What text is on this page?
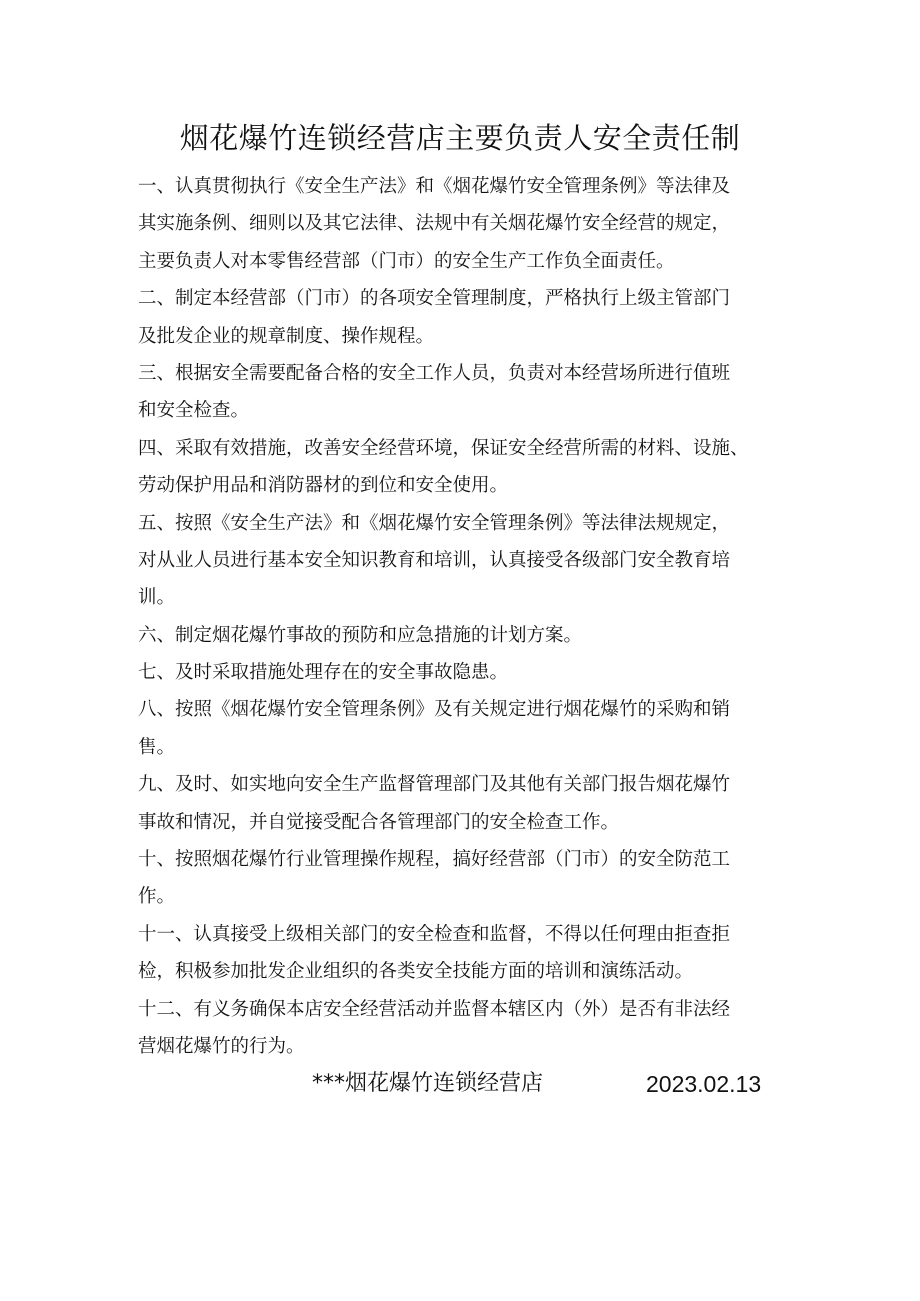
烟花爆竹连锁经营店主要负责人安全责任制
一、认真贯彻执行《安全生产法》和《烟花爆竹安全管理条例》等法律及
其实施条例、细则以及其它法律、法规中有关烟花爆竹安全经营的规定，
主要负责人对本零售经营部（门市）的安全生产工作负全面责任。
二、制定本经营部（门市）的各项安全管理制度，严格执行上级主管部门
及批发企业的规章制度、操作规程。
三、根据安全需要配备合格的安全工作人员，负责对本经营场所进行值班
和安全检查。
四、采取有效措施，改善安全经营环境，保证安全经营所需的材料、设施、
劳动保护用品和消防器材的到位和安全使用。
五、按照《安全生产法》和《烟花爆竹安全管理条例》等法律法规规定，
对从业人员进行基本安全知识教育和培训，认真接受各级部门安全教育培
训。
六、制定烟花爆竹事故的预防和应急措施的计划方案。
七、及时采取措施处理存在的安全事故隐患。
八、按照《烟花爆竹安全管理条例》及有关规定进行烟花爆竹的采购和销
售。
九、及时、如实地向安全生产监督管理部门及其他有关部门报告烟花爆竹
事故和情况，并自觉接受配合各管理部门的安全检查工作。
十、按照烟花爆竹行业管理操作规程，搞好经营部（门市）的安全防范工
作。
十一、认真接受上级相关部门的安全检查和监督，不得以任何理由拒查拒
检，积极参加批发企业组织的各类安全技能方面的培训和演练活动。
十二、有义务确保本店安全经营活动并监督本辖区内（外）是否有非法经
营烟花爆竹的行为。
***烟花爆竹连锁经营店	2023.02.13
